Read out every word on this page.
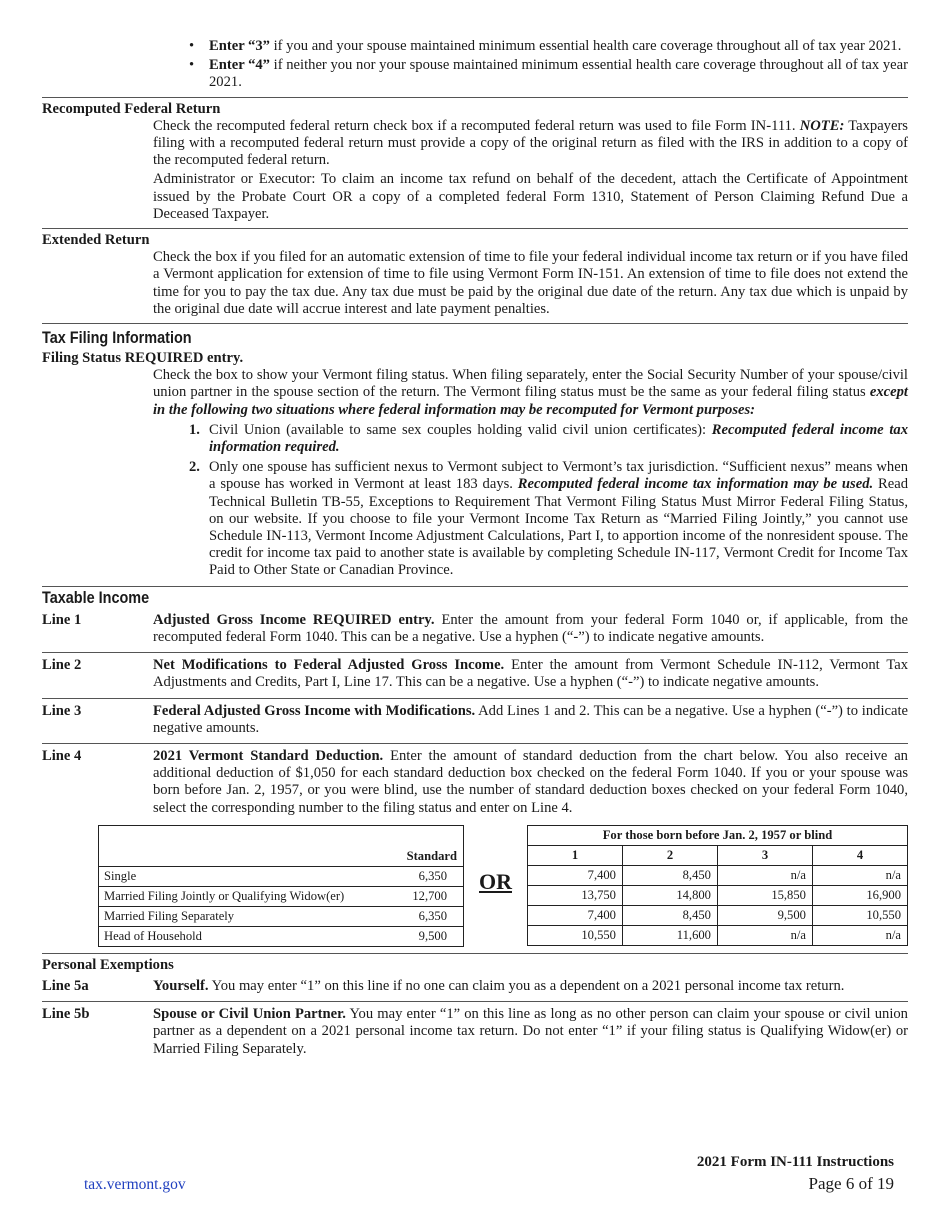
• Enter “3” if you and your spouse maintained minimum essential health care coverage throughout all of tax year 2021.
• Enter “4” if neither you nor your spouse maintained minimum essential health care coverage throughout all of tax year 2021.
Recomputed Federal Return

Check the recomputed federal return check box if a recomputed federal return was used to file Form IN-111. NOTE: Taxpayers filing with a recomputed federal return must provide a copy of the original return as filed with the IRS in addition to a copy of the recomputed federal return.

Administrator or Executor: To claim an income tax refund on behalf of the decedent, attach the Certificate of Appointment issued by the Probate Court OR a copy of a completed federal Form 1310, Statement of Person Claiming Refund Due a Deceased Taxpayer.

Extended Return

Check the box if you filed for an automatic extension of time to file your federal individual income tax return or if you have filed a Vermont application for extension of time to file using Vermont Form IN-151. An extension of time to file does not extend the time for you to pay the tax due. Any tax due must be paid by the original due date of the return. Any tax due which is unpaid by the original due date will accrue interest and late payment penalties.

Tax Filing Information
Filing Status REQUIRED entry.

Check the box to show your Vermont filing status. When filing separately, enter the Social Security Number of your spouse/civil union partner in the spouse section of the return. The Vermont filing status must be the same as your federal filing status except in the following two situations where federal information may be recomputed for Vermont purposes:

1. Civil Union (available to same sex couples holding valid civil union certificates): Recomputed federal income tax information required.
2. Only one spouse has sufficient nexus to Vermont subject to Vermont’s tax jurisdiction. “Sufficient nexus” means when a spouse has worked in Vermont at least 183 days. Recomputed federal income tax information may be used. Read Technical Bulletin TB-55, Exceptions to Requirement That Vermont Filing Status Must Mirror Federal Filing Status, on our website. If you choose to file your Vermont Income Tax Return as “Married Filing Jointly,” you cannot use Schedule IN-113, Vermont Income Adjustment Calculations, Part I, to apportion income of the nonresident spouse. The credit for income tax paid to another state is available by completing Schedule IN-117, Vermont Credit for Income Tax Paid to Other State or Canadian Province.
Taxable Income
Line 1	Adjusted Gross Income REQUIRED entry. Enter the amount from your federal Form 1040 or, if applicable, from the recomputed federal Form 1040. This can be a negative. Use a hyphen (“-”) to indicate negative amounts.
Line 2	Net Modifications to Federal Adjusted Gross Income. Enter the amount from Vermont Schedule IN-112, Vermont Tax Adjustments and Credits, Part I, Line 17. This can be a negative. Use a hyphen (“-”) to indicate negative amounts.
Line 3	Federal Adjusted Gross Income with Modifications. Add Lines 1 and 2. This can be a negative. Use a hyphen (“-”) to indicate negative amounts.
Line 4	2021 Vermont Standard Deduction. Enter the amount of standard deduction from the chart below. You also receive an additional deduction of $1,050 for each standard deduction box checked on the federal Form 1040. If you or your spouse was born before Jan. 2, 1957, or you were blind, use the number of standard deduction boxes checked on your federal Form 1040, select the corresponding number to the filing status and enter on Line 4.
	Standard
Single	6,350
Married Filing Jointly or Qualifying Widow(er)	12,700
Married Filing Separately	6,350
Head of Household	9,500
OR
For those born before Jan. 2, 1957 or blind			
1	2	3	4
7,400	8,450	n/a	n/a
13,750	14,800	15,850	16,900
7,400	8,450	9,500	10,550
10,550	11,600	n/a	n/a
Personal Exemptions
Line 5a	Yourself. You may enter “1” on this line if no one can claim you as a dependent on a 2021 personal income tax return.
Line 5b	Spouse or Civil Union Partner. You may enter “1” on this line as long as no other person can claim your spouse or civil union partner as a dependent on a 2021 personal income tax return. Do not enter “1” if your filing status is Qualifying Widow(er) or Married Filing Separately.
2021 Form IN-111 Instructions
tax.vermont.gov	Page 6 of 19
